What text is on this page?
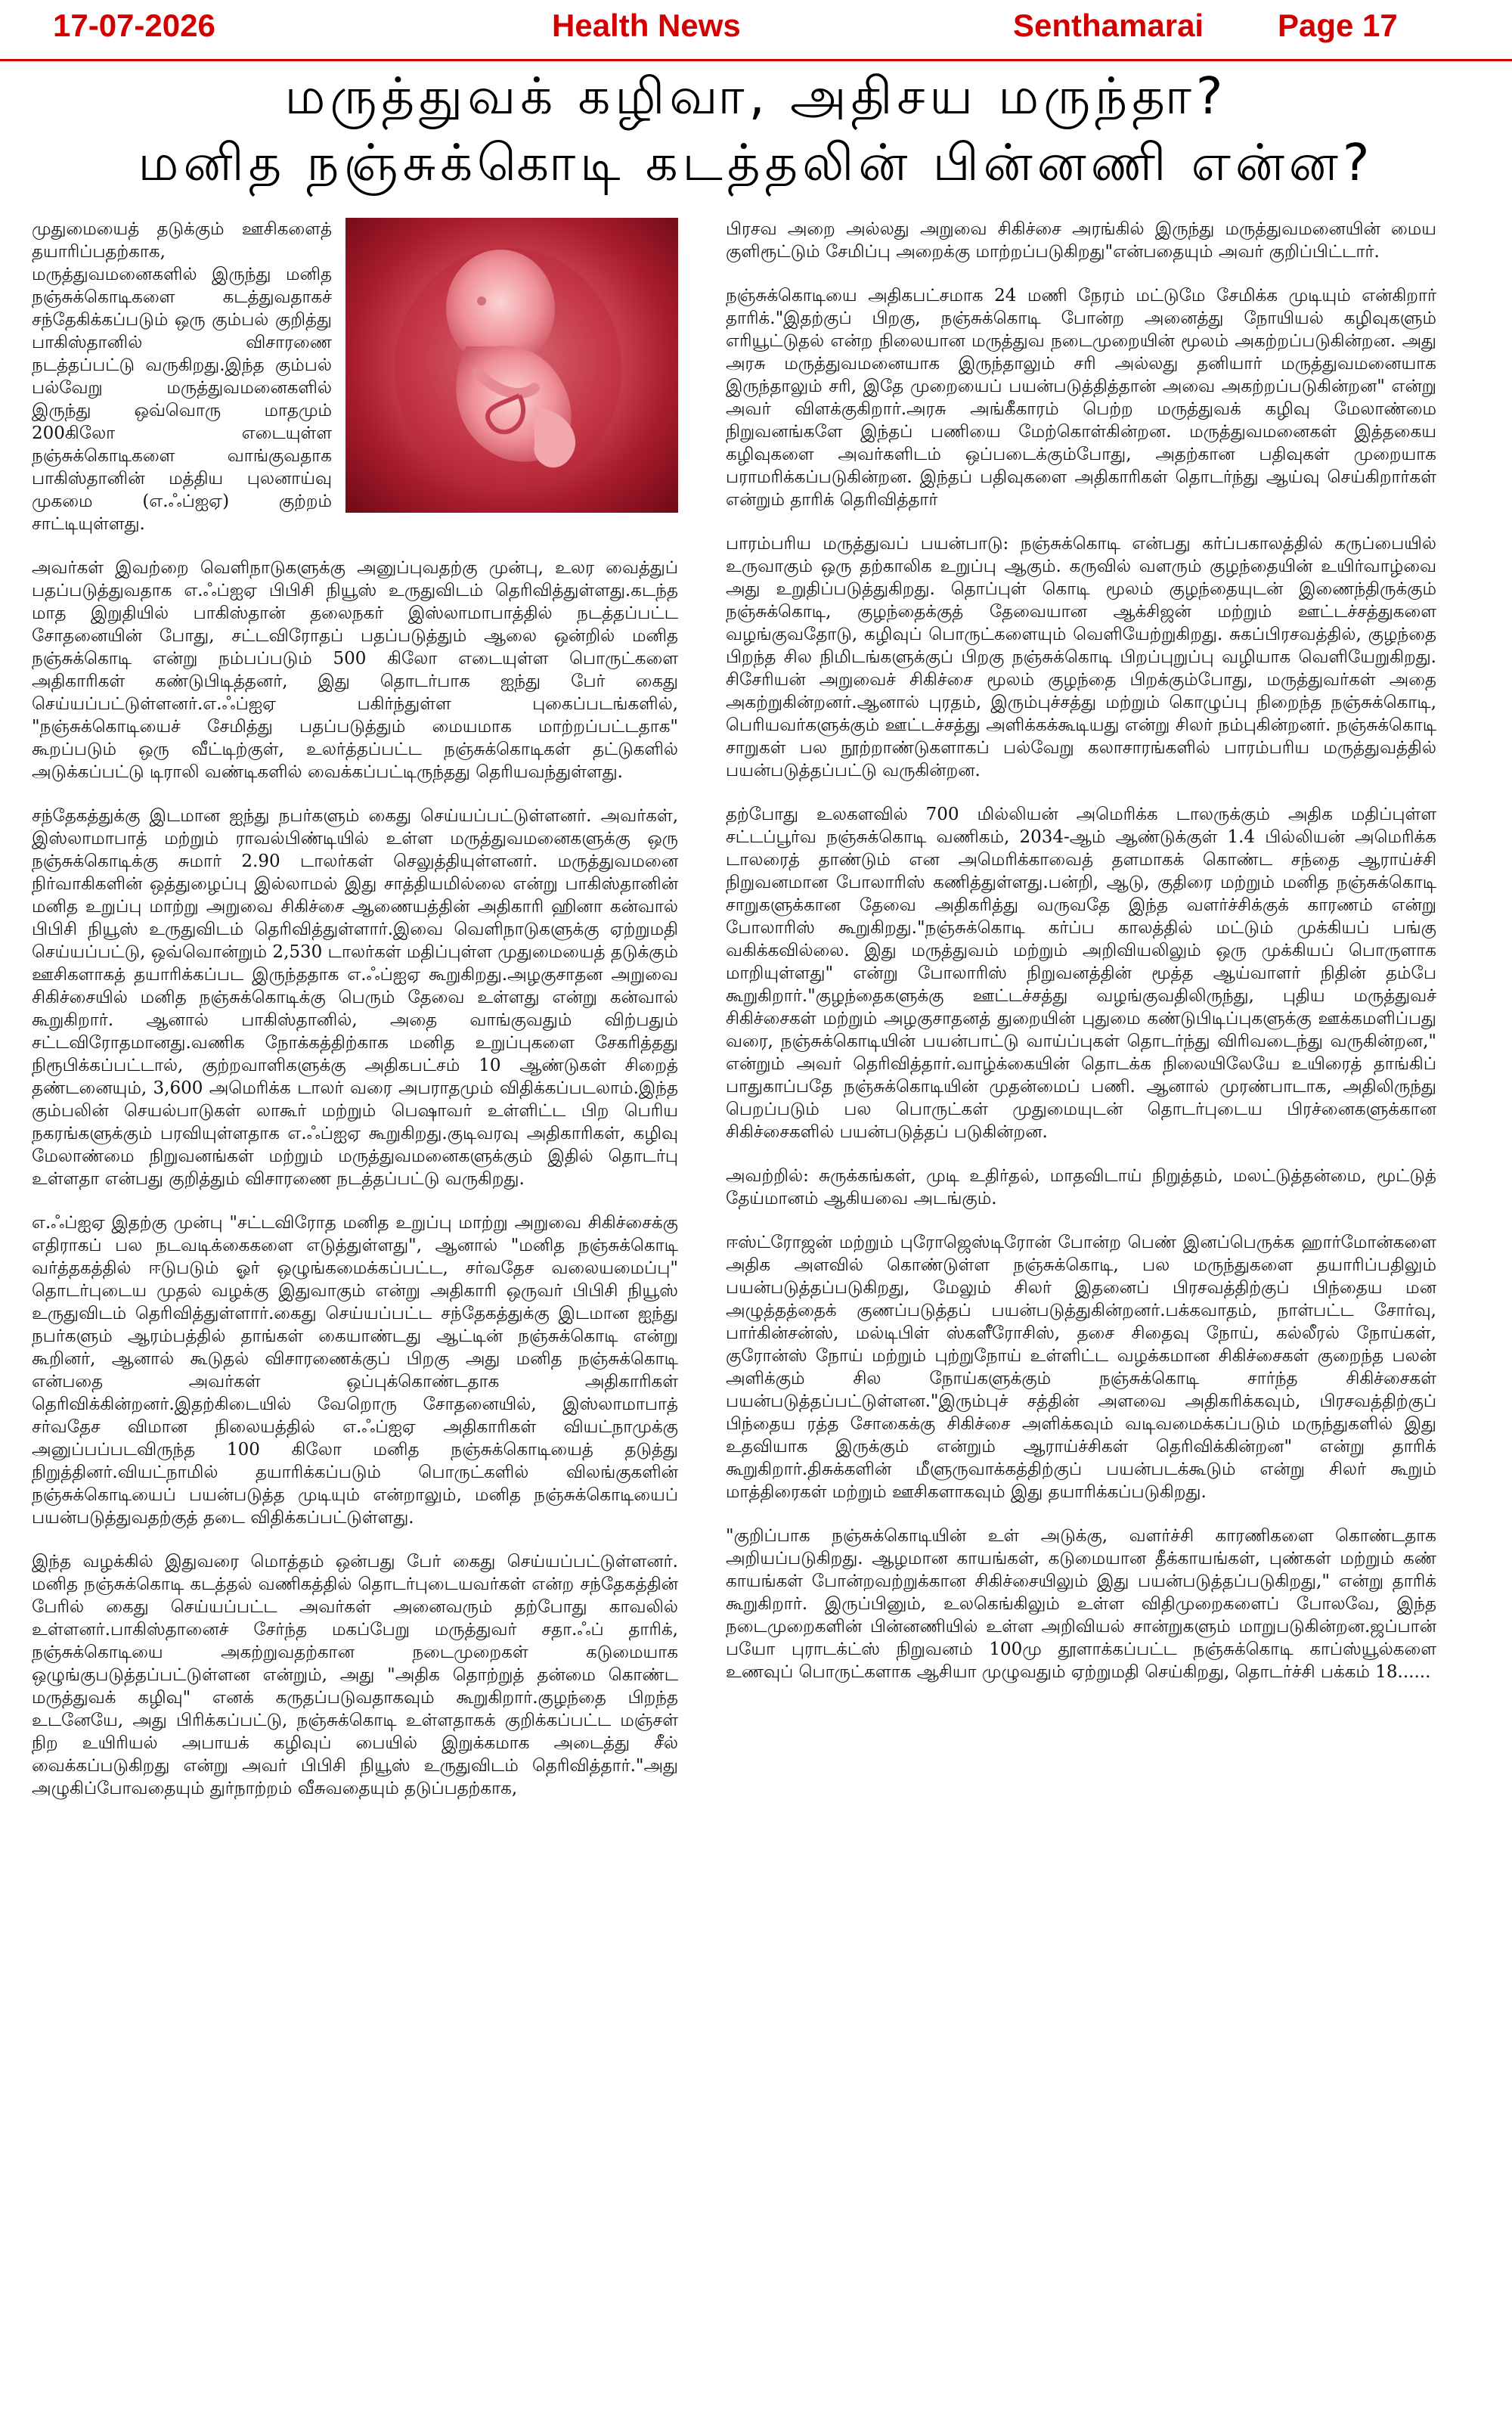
17-07-2026	Health News	Senthamarai Page 17
மருத்துவக் கழிவா, அதிசய மருந்தா?
மனித நஞ்சுக்கொடி கடத்தலின் பின்னணி என்ன?

முதுமையைத் தடுக்கும் ஊசிகளைத் தயாரிப்பதற்காக, மருத்துவமனைகளில் இருந்து மனித நஞ்சுக்கொடிகளை கடத்துவதாகச் சந்தேகிக்கப்படும் ஒரு கும்பல் குறித்து பாகிஸ்தானில் விசாரணை நடத்தப்பட்டு வருகிறது.இந்த கும்பல் பல்வேறு மருத்துவமனைகளில் இருந்து ஒவ்வொரு மாதமும் 200கிலோ எடையுள்ள நஞ்சுக்கொடிகளை வாங்குவதாக பாகிஸ்தானின் மத்திய புலனாய்வு முகமை (எ.ஃப்ஐஏ) குற்றம் சாட்டியுள்ளது.

அவர்கள் இவற்றை வெளிநாடுகளுக்கு அனுப்புவதற்கு முன்பு, உலர வைத்துப் பதப்படுத்துவதாக எ.ஃப்ஐஏ பிபிசி நியூஸ் உருதுவிடம் தெரிவித்துள்ளது.கடந்த மாத இறுதியில் பாகிஸ்தான் தலைநகர் இஸ்லாமாபாத்தில் நடத்தப்பட்ட சோதனையின் போது, சட்டவிரோதப் பதப்படுத்தும் ஆலை ஒன்றில் மனித நஞ்சுக்கொடி என்று நம்பப்படும் 500 கிலோ எடையுள்ள பொருட்களை அதிகாரிகள் கண்டுபிடித்தனர், இது தொடர்பாக ஐந்து பேர் கைது செய்யப்பட்டுள்ளனர்.எ.ஃப்ஐஏ பகிர்ந்துள்ள புகைப்படங்களில், "நஞ்சுக்கொடியைச் சேமித்து பதப்படுத்தும் மையமாக மாற்றப்பட்டதாக" கூறப்படும் ஒரு வீட்டிற்குள், உலர்த்தப்பட்ட நஞ்சுக்கொடிகள் தட்டுகளில் அடுக்கப்பட்டு டிராலி வண்டிகளில் வைக்கப்பட்டிருந்தது தெரியவந்துள்ளது.

சந்தேகத்துக்கு இடமான ஐந்து நபர்களும் கைது செய்யப்பட்டுள்ளனர். அவர்கள், இஸ்லாமாபாத் மற்றும் ராவல்பிண்டியில் உள்ள மருத்துவமனைகளுக்கு ஒரு நஞ்சுக்கொடிக்கு சுமார் 2.90 டாலர்கள் செலுத்தியுள்ளனர். மருத்துவமனை நிர்வாகிகளின் ஒத்துழைப்பு இல்லாமல் இது சாத்தியமில்லை என்று பாகிஸ்தானின் மனித உறுப்பு மாற்று அறுவை சிகிச்சை ஆணையத்தின் அதிகாரி ஹினா கன்வால் பிபிசி நியூஸ் உருதுவிடம் தெரிவித்துள்ளார்.இவை வெளிநாடுகளுக்கு ஏற்றுமதி செய்யப்பட்டு, ஒவ்வொன்றும் 2,530 டாலர்கள் மதிப்புள்ள முதுமையைத் தடுக்கும் ஊசிகளாகத் தயாரிக்கப்பட இருந்ததாக எ.ஃப்ஐஏ கூறுகிறது.அழகுசாதன அறுவை சிகிச்சையில் மனித நஞ்சுக்கொடிக்கு பெரும் தேவை உள்ளது என்று கன்வால் கூறுகிறார். ஆனால் பாகிஸ்தானில், அதை வாங்குவதும் விற்பதும் சட்டவிரோதமானது.வணிக நோக்கத்திற்காக மனித உறுப்புகளை சேகரித்தது நிரூபிக்கப்பட்டால், குற்றவாளிகளுக்கு அதிகபட்சம் 10 ஆண்டுகள் சிறைத் தண்டனையும், 3,600 அமெரிக்க டாலர் வரை அபராதமும் விதிக்கப்படலாம்.இந்த கும்பலின் செயல்பாடுகள் லாகூர் மற்றும் பெஷாவர் உள்ளிட்ட பிற பெரிய நகரங்களுக்கும் பரவியுள்ளதாக எ.ஃப்ஐஏ கூறுகிறது.குடிவரவு அதிகாரிகள், கழிவு மேலாண்மை நிறுவனங்கள் மற்றும் மருத்துவமனைகளுக்கும் இதில் தொடர்பு உள்ளதா என்பது குறித்தும் விசாரணை நடத்தப்பட்டு வருகிறது.

எ.ஃப்ஐஏ இதற்கு முன்பு "சட்டவிரோத மனித உறுப்பு மாற்று அறுவை சிகிச்சைக்கு எதிராகப் பல நடவடிக்கைகளை எடுத்துள்ளது", ஆனால் "மனித நஞ்சுக்கொடி வர்த்தகத்தில் ஈடுபடும் ஓர் ஒழுங்கமைக்கப்பட்ட, சர்வதேச வலையமைப்பு" தொடர்புடைய முதல் வழக்கு இதுவாகும் என்று அதிகாரி ஒருவர் பிபிசி நியூஸ் உருதுவிடம் தெரிவித்துள்ளார்.கைது செய்யப்பட்ட சந்தேகத்துக்கு இடமான ஐந்து நபர்களும் ஆரம்பத்தில் தாங்கள் கையாண்டது ஆட்டின் நஞ்சுக்கொடி என்று கூறினர், ஆனால் கூடுதல் விசாரணைக்குப் பிறகு அது மனித நஞ்சுக்கொடி என்பதை அவர்கள் ஒப்புக்கொண்டதாக அதிகாரிகள் தெரிவிக்கின்றனர்.இதற்கிடையில் வேறொரு சோதனையில், இஸ்லாமாபாத் சர்வதேச விமான நிலையத்தில் எ.ஃப்ஐஏ அதிகாரிகள் வியட்நாமுக்கு அனுப்பப்படவிருந்த 100 கிலோ மனித நஞ்சுக்கொடியைத் தடுத்து நிறுத்தினர்.வியட்நாமில் தயாரிக்கப்படும் பொருட்களில் விலங்குகளின் நஞ்சுக்கொடியைப் பயன்படுத்த முடியும் என்றாலும், மனித நஞ்சுக்கொடியைப் பயன்படுத்துவதற்குத் தடை விதிக்கப்பட்டுள்ளது.

இந்த வழக்கில் இதுவரை மொத்தம் ஒன்பது பேர் கைது செய்யப்பட்டுள்ளனர். மனித நஞ்சுக்கொடி கடத்தல் வணிகத்தில் தொடர்புடையவர்கள் என்ற சந்தேகத்தின் பேரில் கைது செய்யப்பட்ட அவர்கள் அனைவரும் தற்போது காவலில் உள்ளனர்.பாகிஸ்தானைச் சேர்ந்த மகப்பேறு மருத்துவர் சதா.ஃப் தாரிக், நஞ்சுக்கொடியை அகற்றுவதற்கான நடைமுறைகள் கடுமையாக ஒழுங்குபடுத்தப்பட்டுள்ளன என்றும், அது "அதிக தொற்றுத் தன்மை கொண்ட மருத்துவக் கழிவு" எனக் கருதப்படுவதாகவும் கூறுகிறார்.குழந்தை பிறந்த உடனேயே, அது பிரிக்கப்பட்டு, நஞ்சுக்கொடி உள்ளதாகக் குறிக்கப்பட்ட மஞ்சள் நிற உயிரியல் அபாயக் கழிவுப் பையில் இறுக்கமாக அடைத்து சீல் வைக்கப்படுகிறது என்று அவர் பிபிசி நியூஸ் உருதுவிடம் தெரிவித்தார்."அது அழுகிப்போவதையும் துர்நாற்றம் வீசுவதையும் தடுப்பதற்காக,

பிரசவ அறை அல்லது அறுவை சிகிச்சை அரங்கில் இருந்து மருத்துவமனையின் மைய குளிரூட்டும் சேமிப்பு அறைக்கு மாற்றப்படுகிறது"என்பதையும் அவர் குறிப்பிட்டார்.

நஞ்சுக்கொடியை அதிகபட்சமாக 24 மணி நேரம் மட்டுமே சேமிக்க முடியும் என்கிறார் தாரிக்."இதற்குப் பிறகு, நஞ்சுக்கொடி போன்ற அனைத்து நோயியல் கழிவுகளும் எரியூட்டுதல் என்ற நிலையான மருத்துவ நடைமுறையின் மூலம் அகற்றப்படுகின்றன. அது அரசு மருத்துவமனையாக இருந்தாலும் சரி அல்லது தனியார் மருத்துவமனையாக இருந்தாலும் சரி, இதே முறையைப் பயன்படுத்தித்தான் அவை அகற்றப்படுகின்றன" என்று அவர் விளக்குகிறார்.அரசு அங்கீகாரம் பெற்ற மருத்துவக் கழிவு மேலாண்மை நிறுவனங்களே இந்தப் பணியை மேற்கொள்கின்றன. மருத்துவமனைகள் இத்தகைய கழிவுகளை அவர்களிடம் ஒப்படைக்கும்போது, அதற்கான பதிவுகள் முறையாக பராமரிக்கப்படுகின்றன. இந்தப் பதிவுகளை அதிகாரிகள் தொடர்ந்து ஆய்வு செய்கிறார்கள் என்றும் தாரிக் தெரிவித்தார்

பாரம்பரிய மருத்துவப் பயன்பாடு: நஞ்சுக்கொடி என்பது கர்ப்பகாலத்தில் கருப்பையில் உருவாகும் ஒரு தற்காலிக உறுப்பு ஆகும். கருவில் வளரும் குழந்தையின் உயிர்வாழ்வை அது உறுதிப்படுத்துகிறது. தொப்புள் கொடி மூலம் குழந்தையுடன் இணைந்திருக்கும் நஞ்சுக்கொடி, குழந்தைக்குத் தேவையான ஆக்சிஜன் மற்றும் ஊட்டச்சத்துகளை வழங்குவதோடு, கழிவுப் பொருட்களையும் வெளியேற்றுகிறது. சுகப்பிரசவத்தில், குழந்தை பிறந்த சில நிமிடங்களுக்குப் பிறகு நஞ்சுக்கொடி பிறப்புறுப்பு வழியாக வெளியேறுகிறது. சிசேரியன் அறுவைச் சிகிச்சை மூலம் குழந்தை பிறக்கும்போது, மருத்துவர்கள் அதை அகற்றுகின்றனர்.ஆனால் புரதம், இரும்புச்சத்து மற்றும் கொழுப்பு நிறைந்த நஞ்சுக்கொடி, பெரியவர்களுக்கும் ஊட்டச்சத்து அளிக்கக்கூடியது என்று சிலர் நம்புகின்றனர். நஞ்சுக்கொடி சாறுகள் பல நூற்றாண்டுகளாகப் பல்வேறு கலாசாரங்களில் பாரம்பரிய மருத்துவத்தில் பயன்படுத்தப்பட்டு வருகின்றன.

தற்போது உலகளவில் 700 மில்லியன் அமெரிக்க டாலருக்கும் அதிக மதிப்புள்ள சட்டப்பூர்வ நஞ்சுக்கொடி வணிகம், 2034-ஆம் ஆண்டுக்குள் 1.4 பில்லியன் அமெரிக்க டாலரைத் தாண்டும் என அமெரிக்காவைத் தளமாகக் கொண்ட சந்தை ஆராய்ச்சி நிறுவனமான போலாரிஸ் கணித்துள்ளது.பன்றி, ஆடு, குதிரை மற்றும் மனித நஞ்சுக்கொடி சாறுகளுக்கான தேவை அதிகரித்து வருவதே இந்த வளர்ச்சிக்குக் காரணம் என்று போலாரிஸ் கூறுகிறது."நஞ்சுக்கொடி கர்ப்ப காலத்தில் மட்டும் முக்கியப் பங்கு வகிக்கவில்லை. இது மருத்துவம் மற்றும் அறிவியலிலும் ஒரு முக்கியப் பொருளாக மாறியுள்ளது" என்று போலாரிஸ் நிறுவனத்தின் மூத்த ஆய்வாளர் நிதின் தம்பே கூறுகிறார்."குழந்தைகளுக்கு ஊட்டச்சத்து வழங்குவதிலிருந்து, புதிய மருத்துவச் சிகிச்சைகள் மற்றும் அழகுசாதனத் துறையின் புதுமை கண்டுபிடிப்புகளுக்கு ஊக்கமளிப்பது வரை, நஞ்சுக்கொடியின் பயன்பாட்டு வாய்ப்புகள் தொடர்ந்து விரிவடைந்து வருகின்றன," என்றும் அவர் தெரிவித்தார்.வாழ்க்கையின் தொடக்க நிலையிலேயே உயிரைத் தாங்கிப் பாதுகாப்பதே நஞ்சுக்கொடியின் முதன்மைப் பணி. ஆனால் முரண்பாடாக, அதிலிருந்து பெறப்படும் பல பொருட்கள் முதுமையுடன் தொடர்புடைய பிரச்னைகளுக்கான சிகிச்சைகளில் பயன்படுத்தப் படுகின்றன.

அவற்றில்: சுருக்கங்கள், முடி உதிர்தல், மாதவிடாய் நிறுத்தம், மலட்டுத்தன்மை, மூட்டுத் தேய்மானம் ஆகியவை அடங்கும்.

ஈஸ்ட்ரோஜன் மற்றும் புரோஜெஸ்டிரோன் போன்ற பெண் இனப்பெருக்க ஹார்மோன்களை அதிக அளவில் கொண்டுள்ள நஞ்சுக்கொடி, பல மருந்துகளை தயாரிப்பதிலும் பயன்படுத்தப்படுகிறது, மேலும் சிலர் இதனைப் பிரசவத்திற்குப் பிந்தைய மன அழுத்தத்தைக் குணப்படுத்தப் பயன்படுத்துகின்றனர்.பக்கவாதம், நாள்பட்ட சோர்வு, பார்கின்சன்ஸ், மல்டிபிள் ஸ்களீரோசிஸ், தசை சிதைவு நோய், கல்லீரல் நோய்கள், குரோன்ஸ் நோய் மற்றும் புற்றுநோய் உள்ளிட்ட வழக்கமான சிகிச்சைகள் குறைந்த பலன் அளிக்கும் சில நோய்களுக்கும் நஞ்சுக்கொடி சார்ந்த சிகிச்சைகள் பயன்படுத்தப்பட்டுள்ளன."இரும்புச் சத்தின் அளவை அதிகரிக்கவும், பிரசவத்திற்குப் பிந்தைய ரத்த சோகைக்கு சிகிச்சை அளிக்கவும் வடிவமைக்கப்படும் மருந்துகளில் இது உதவியாக இருக்கும் என்றும் ஆராய்ச்சிகள் தெரிவிக்கின்றன" என்று தாரிக் கூறுகிறார்.திசுக்களின் மீளுருவாக்கத்திற்குப் பயன்படக்கூடும் என்று சிலர் கூறும் மாத்திரைகள் மற்றும் ஊசிகளாகவும் இது தயாரிக்கப்படுகிறது.

"குறிப்பாக நஞ்சுக்கொடியின் உள் அடுக்கு, வளர்ச்சி காரணிகளை கொண்டதாக அறியப்படுகிறது. ஆழமான காயங்கள், கடுமையான தீக்காயங்கள், புண்கள் மற்றும் கண் காயங்கள் போன்றவற்றுக்கான சிகிச்சையிலும் இது பயன்படுத்தப்படுகிறது," என்று தாரிக் கூறுகிறார். இருப்பினும், உலகெங்கிலும் உள்ள விதிமுறைகளைப் போலவே, இந்த நடைமுறைகளின் பின்னணியில் உள்ள அறிவியல் சான்றுகளும் மாறுபடுகின்றன.ஜப்பான் பயோ புராடக்ட்ஸ் நிறுவனம் 100மு தூளாக்கப்பட்ட நஞ்சுக்கொடி காப்ஸ்யூல்களை உணவுப் பொருட்களாக ஆசியா முழுவதும் ஏற்றுமதி செய்கிறது, தொடர்ச்சி பக்கம் 18......
